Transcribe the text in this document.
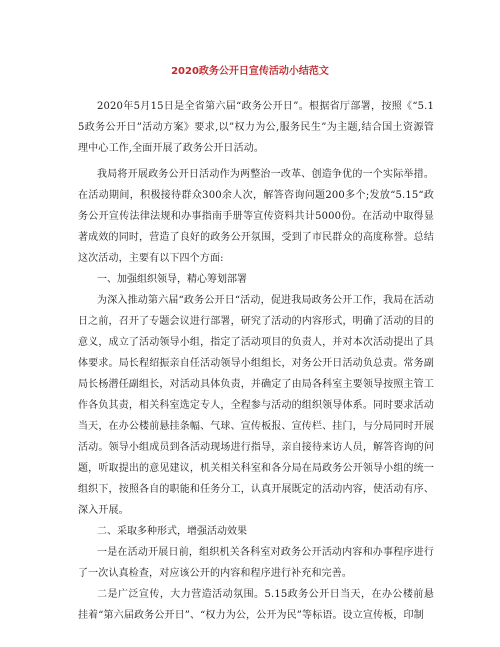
2020政务公开日宣传活动小结范文

2020年5月15日是全省第六届“政务公开日”。根据省厅部署，按照《“5.15政务公开日”活动方案》要求,以”权力为公,服务民生”为主题,结合国土资源管理中心工作,全面开展了政务公开日活动。

我局将开展政务公开日活动作为两整治一改革、创造争优的一个实际举措。在活动期间，积极接待群众300余人次，解答咨询问题200多个;发放“5.15“政务公开宣传法律法规和办事指南手册等宣传资料共计5000份。在活动中取得显著成效的同时，营造了良好的政务公开氛围，受到了市民群众的高度称誉。总结这次活动，主要有以下四个方面:

一、加强组织领导，精心筹划部署

为深入推动第六届“政务公开日“活动，促进我局政务公开工作，我局在活动日之前，召开了专题会议进行部署，研究了活动的内容形式，明确了活动的目的意义，成立了活动领导小组，指定了活动项目的负责人，并对本次活动提出了具体要求。局长程绍振亲自任活动领导小组组长，对务公开日活动负总责。常务副局长杨潜任副组长，对活动具体负责，并确定了由局各科室主要领导按照主管工作各负其责，相关科室选定专人，全程参与活动的组织领导体系。同时要求活动当天，在办公楼前悬挂条幅、气球、宣传板报、宣传栏、挂门，与分局同时开展活动。领导小组成员到各活动现场进行指导，亲自接待来访人员，解答咨询的问题，听取提出的意见建议，机关相关科室和各分局在局政务公开领导小组的统一组织下，按照各自的职能和任务分工，认真开展既定的活动内容，使活动有序、深入开展。

二、采取多种形式，增强活动效果

一是在活动开展日前，组织机关各科室对政务公开活动内容和办事程序进行了一次认真检查，对应该公开的内容和程序进行补充和完善。

二是广泛宣传，大力营造活动氛围。5.15政务公开日当天，在办公楼前悬挂着“第六届政务公开日”、“权力为公，公开为民”等标语。设立宣传板，印制
